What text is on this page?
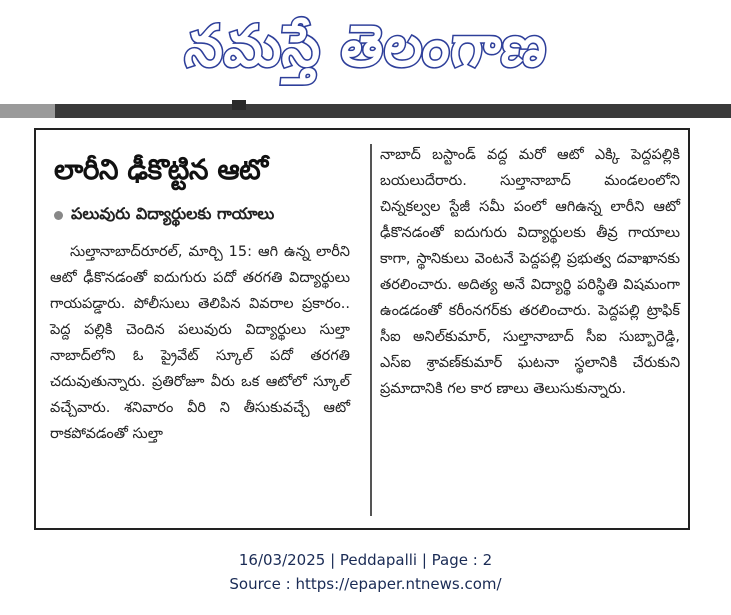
నమస్తే తెలంగాణ
లారీని ఢీకొట్టిన ఆటో
పలువురు విద్యార్థులకు గాయాలు

సుల్తానాబాద్‌రూరల్, మార్చి 15: ఆగి ఉన్న లారీని ఆటో ఢీకొనడంతో ఐదుగురు పదో తరగతి విద్యార్థులు గాయపడ్డారు. పోలీసులు తెలిపిన వివరాల ప్రకారం.. పెద్ద పల్లికి చెందిన పలువురు విద్యార్థులు సుల్తా నాబాద్‌లోని ఓ ప్రైవేట్ స్కూల్ పదో తరగతి చదువుతున్నారు. ప్రతిరోజూ వీరు ఒక ఆటోలో స్కూల్ వచ్చేవారు. శనివారం వీరి ని తీసుకువచ్చే ఆటో రాకపోవడంతో సుల్తా

నాబాద్ బస్టాండ్ వద్ద మరో ఆటో ఎక్కి పెద్దపల్లికి బయలుదేరారు. సుల్తానాబాద్ మండలంలోని చిన్నకల్వల స్టేజీ సమీ పంలో ఆగిఉన్న లారీని ఆటో ఢీకొనడంతో ఐదుగురు విద్యార్థులకు తీవ్ర గాయాలు కాగా, స్థానికులు వెంటనే పెద్దపల్లి ప్రభుత్వ దవాఖానకు తరలించారు. అదిత్య అనే విద్యార్థి పరిస్థితి విషమంగా ఉండడంతో కరీంనగర్‌కు తరలించారు. పెద్దపల్లి ట్రాఫిక్ సీఐ అనిల్‌కుమార్, సుల్తానాబాద్ సీఐ సుబ్బారెడ్డి, ఎస్ఐ శ్రావణ్‌కుమార్ ఘటనా స్థలానికి చేరుకుని ప్రమాదానికి గల కార ణాలు తెలుసుకున్నారు.

16/03/2025 | Peddapalli | Page : 2
Source : https://epaper.ntnews.com/
